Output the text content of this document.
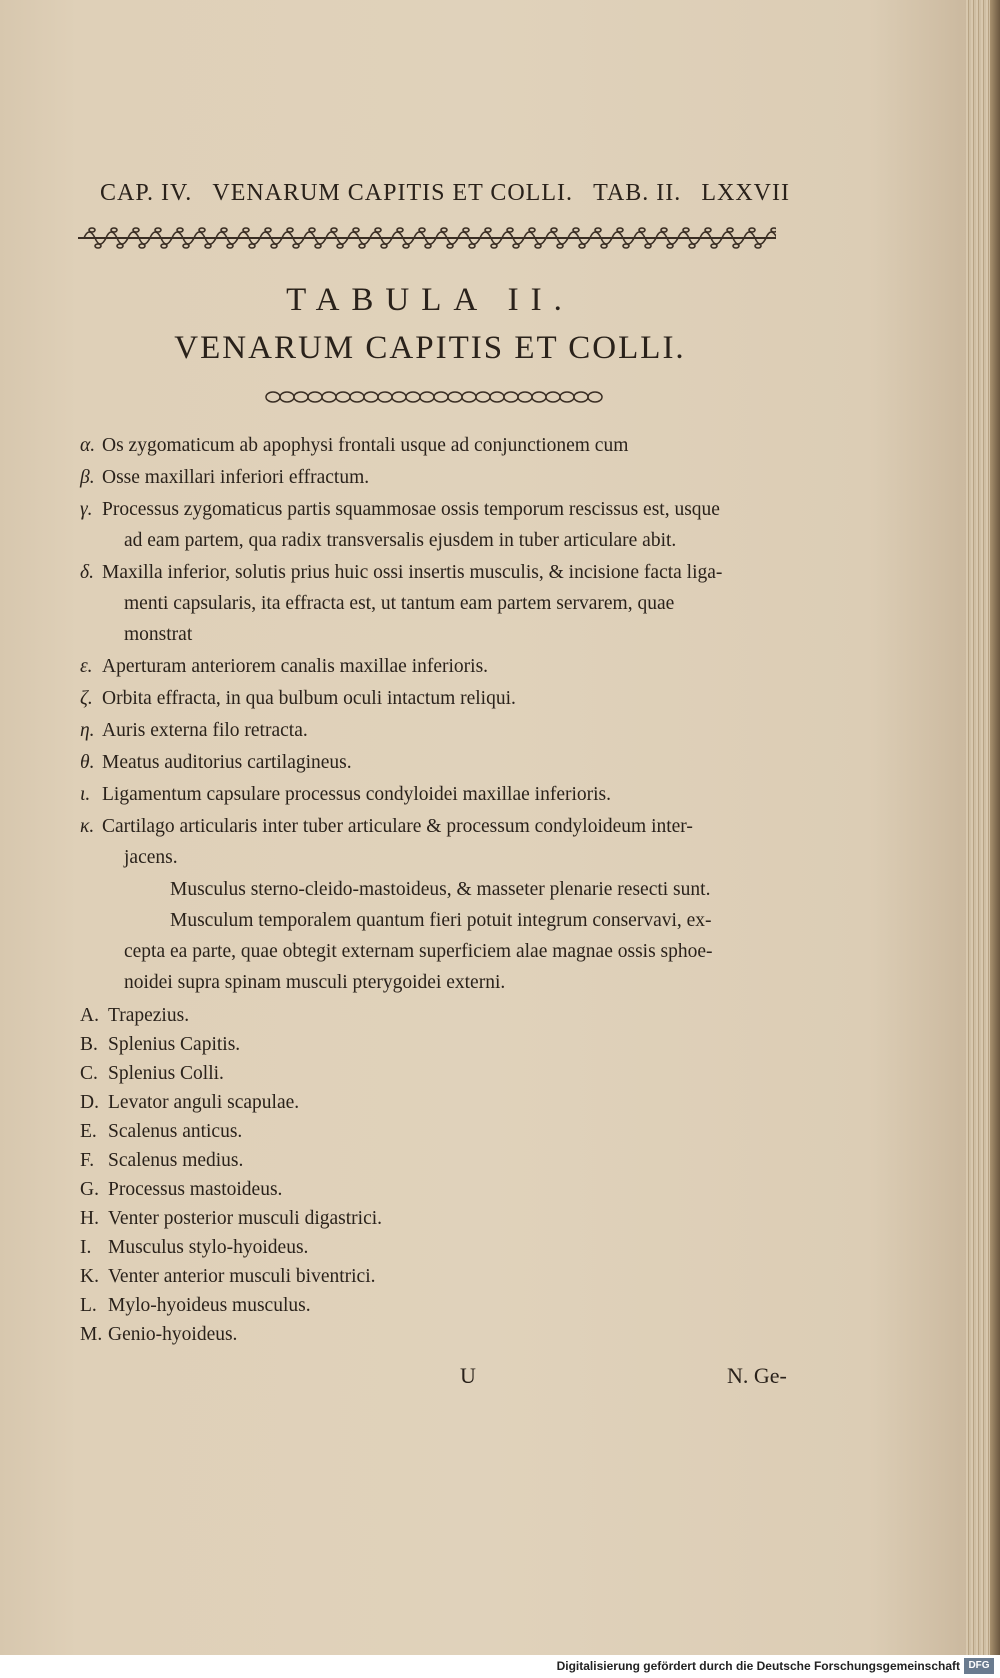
CAP. IV. VENARUM CAPITIS ET COLLI. TAB. II. LXXVII
TABULA II.
VENARUM CAPITIS ET COLLI.
α. Os zygomaticum ab apophysi frontali usque ad conjunctionem cum
β. Osse maxillari inferiori effractum.
γ. Processus zygomaticus partis squammosae ossis temporum rescissus est, usque
ad eam partem, qua radix transversalis ejusdem in tuber articulare abit.
δ. Maxilla inferior, solutis prius huic ossi insertis musculis, & incisione facta liga-
menti capsularis, ita effracta est, ut tantum eam partem servarem, quae
monstrat
ε. Aperturam anteriorem canalis maxillae inferioris.
ζ. Orbita effracta, in qua bulbum oculi intactum reliqui.
η. Auris externa filo retracta.
θ. Meatus auditorius cartilagineus.
ι. Ligamentum capsulare processus condyloidei maxillae inferioris.
κ. Cartilago articularis inter tuber articulare & processum condyloideum inter-
jacens.
Musculus sterno-cleido-mastoideus, & masseter plenarie resecti sunt.
Musculum temporalem quantum fieri potuit integrum conservavi, ex-
cepta ea parte, quae obtegit externam superficiem alae magnae ossis sphoe-
noidei supra spinam musculi pterygoidei externi.
A. Trapezius.
B. Splenius Capitis.
C. Splenius Colli.
D. Levator anguli scapulae.
E. Scalenus anticus.
F. Scalenus medius.
G. Processus mastoideus.
H. Venter posterior musculi digastrici.
I. Musculus stylo-hyoideus.
K. Venter anterior musculi biventrici.
L. Mylo-hyoideus musculus.
M. Genio-hyoideus.
U	N. Ge-
Digitalisierung gefördert durch die Deutsche Forschungsgemeinschaft DFG
